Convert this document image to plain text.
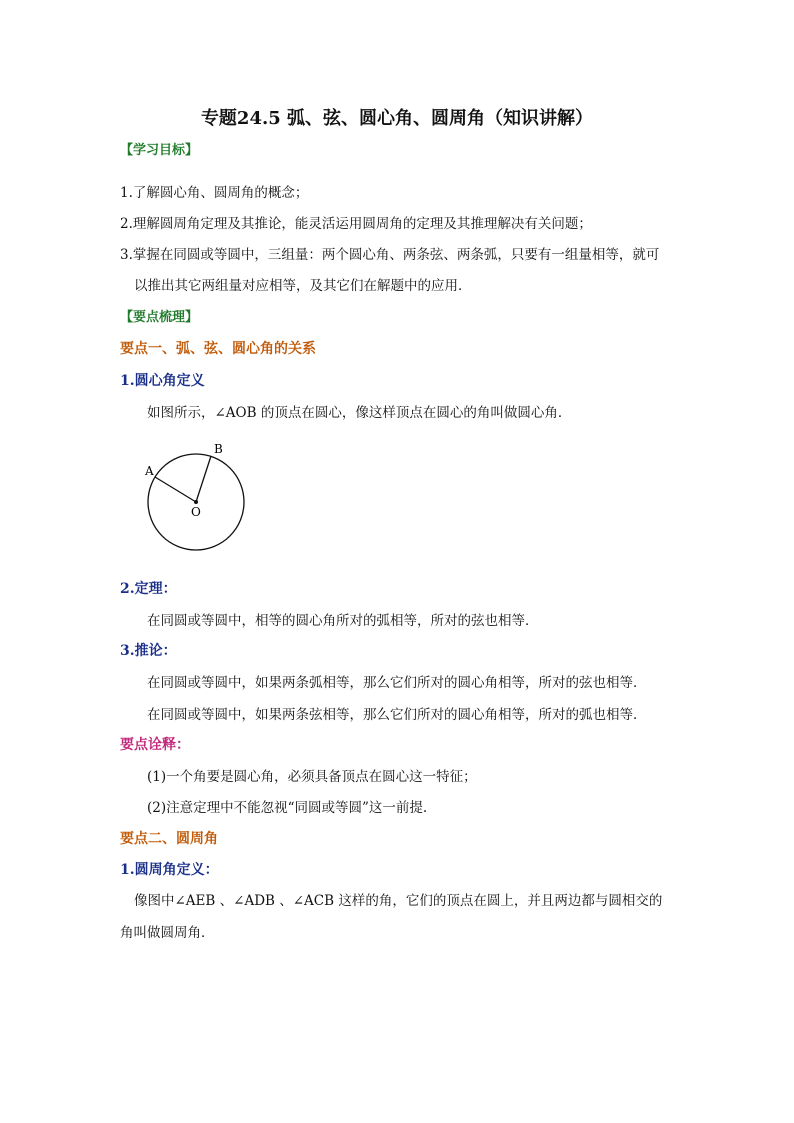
专题24.5 弧、弦、圆心角、圆周角（知识讲解）
【学习目标】
1.了解圆心角、圆周角的概念；
2.理解圆周角定理及其推论，能灵活运用圆周角的定理及其推理解决有关问题；
3.掌握在同圆或等圆中，三组量：两个圆心角、两条弦、两条弧，只要有一组量相等，就可
以推出其它两组量对应相等，及其它们在解题中的应用．
【要点梳理】
要点一、弧、弦、圆心角的关系
1.圆心角定义
如图所示，∠AOB 的顶点在圆心，像这样顶点在圆心的角叫做圆心角．
A
B
O
2.定理：
在同圆或等圆中，相等的圆心角所对的弧相等，所对的弦也相等．
3.推论：
在同圆或等圆中，如果两条弧相等，那么它们所对的圆心角相等，所对的弦也相等．
在同圆或等圆中，如果两条弦相等，那么它们所对的圆心角相等，所对的弧也相等．
要点诠释：
(1)一个角要是圆心角，必须具备顶点在圆心这一特征；
(2)注意定理中不能忽视“同圆或等圆”这一前提.
要点二、圆周角
1.圆周角定义：
像图中∠AEB 、∠ADB 、∠ACB 这样的角，它们的顶点在圆上，并且两边都与圆相交的
角叫做圆周角．
